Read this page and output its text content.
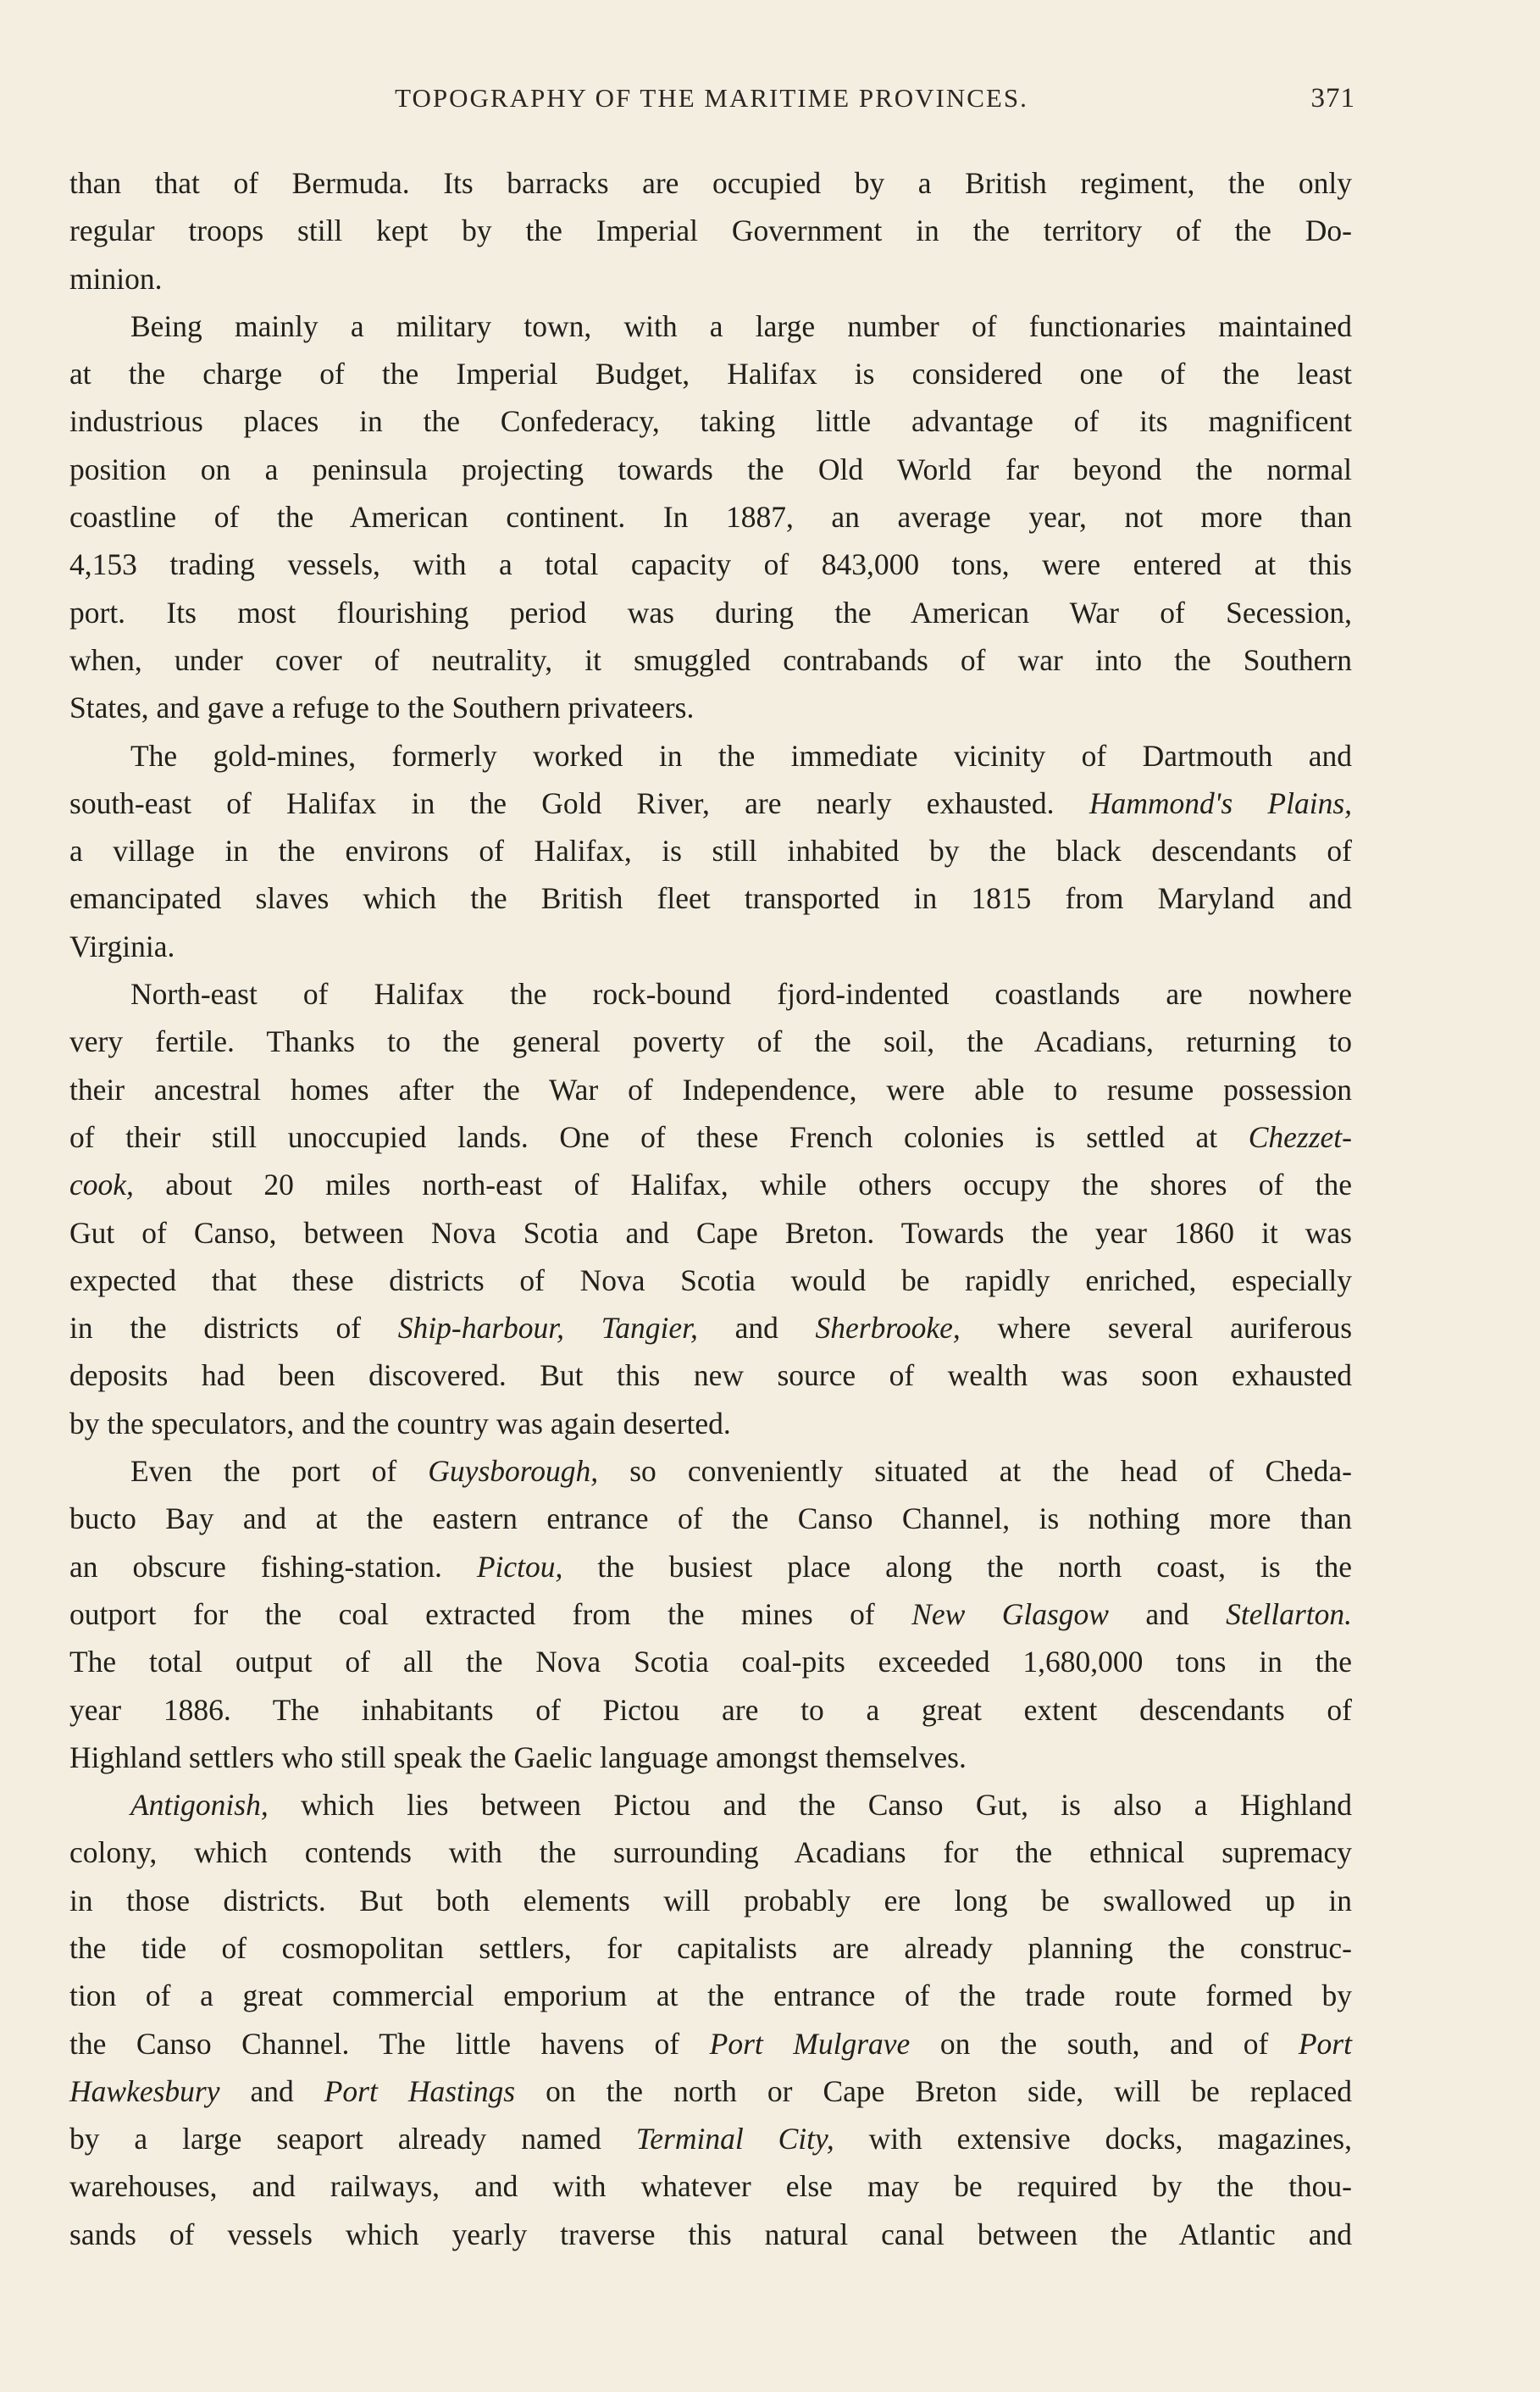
TOPOGRAPHY OF THE MARITIME PROVINCES.	371
than that of Bermuda. Its barracks are occupied by a British regiment, the only
regular troops still kept by the Imperial Government in the territory of the Do-
minion.
Being mainly a military town, with a large number of functionaries maintained
at the charge of the Imperial Budget, Halifax is considered one of the least
industrious places in the Confederacy, taking little advantage of its magnificent
position on a peninsula projecting towards the Old World far beyond the normal
coastline of the American continent. In 1887, an average year, not more than
4,153 trading vessels, with a total capacity of 843,000 tons, were entered at this
port. Its most flourishing period was during the American War of Secession,
when, under cover of neutrality, it smuggled contrabands of war into the Southern
States, and gave a refuge to the Southern privateers.
The gold-mines, formerly worked in the immediate vicinity of Dartmouth and
south-east of Halifax in the Gold River, are nearly exhausted. Hammond's Plains,
a village in the environs of Halifax, is still inhabited by the black descendants of
emancipated slaves which the British fleet transported in 1815 from Maryland and
Virginia.
North-east of Halifax the rock-bound fjord-indented coastlands are nowhere
very fertile. Thanks to the general poverty of the soil, the Acadians, returning to
their ancestral homes after the War of Independence, were able to resume possession
of their still unoccupied lands. One of these French colonies is settled at Chezzet-
cook, about 20 miles north-east of Halifax, while others occupy the shores of the
Gut of Canso, between Nova Scotia and Cape Breton. Towards the year 1860 it was
expected that these districts of Nova Scotia would be rapidly enriched, especially
in the districts of Ship-harbour, Tangier, and Sherbrooke, where several auriferous
deposits had been discovered. But this new source of wealth was soon exhausted
by the speculators, and the country was again deserted.
Even the port of Guysborough, so conveniently situated at the head of Cheda-
bucto Bay and at the eastern entrance of the Canso Channel, is nothing more than
an obscure fishing-station. Pictou, the busiest place along the north coast, is the
outport for the coal extracted from the mines of New Glasgow and Stellarton.
The total output of all the Nova Scotia coal-pits exceeded 1,680,000 tons in the
year 1886. The inhabitants of Pictou are to a great extent descendants of
Highland settlers who still speak the Gaelic language amongst themselves.
Antigonish, which lies between Pictou and the Canso Gut, is also a Highland
colony, which contends with the surrounding Acadians for the ethnical supremacy
in those districts. But both elements will probably ere long be swallowed up in
the tide of cosmopolitan settlers, for capitalists are already planning the construc-
tion of a great commercial emporium at the entrance of the trade route formed by
the Canso Channel. The little havens of Port Mulgrave on the south, and of Port
Hawkesbury and Port Hastings on the north or Cape Breton side, will be replaced
by a large seaport already named Terminal City, with extensive docks, magazines,
warehouses, and railways, and with whatever else may be required by the thou-
sands of vessels which yearly traverse this natural canal between the Atlantic and
